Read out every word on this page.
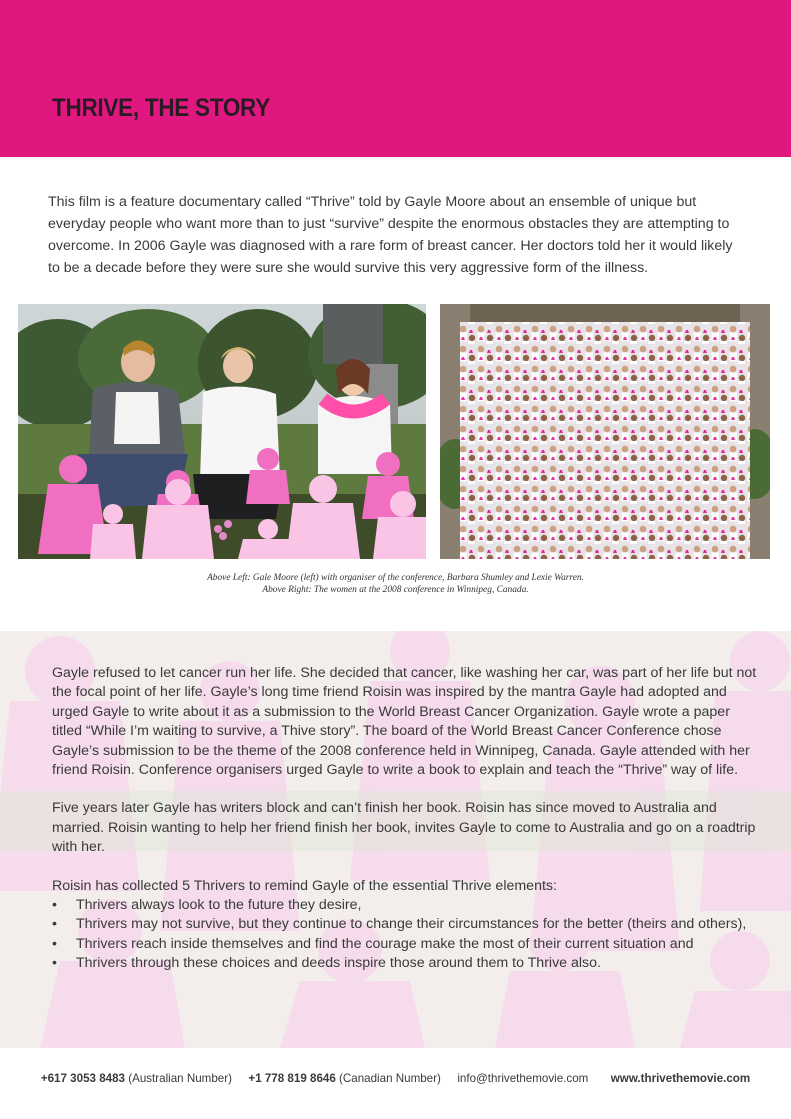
THRIVE, THE STORY

This film is a feature documentary called “Thrive” told by Gayle Moore about an ensemble of unique but everyday people who want more than to just “survive” despite the enormous obstacles they are attempting to overcome. In 2006 Gayle was diagnosed with a rare form of breast cancer. Her doctors told her it would likely to be a decade before they were sure she would survive this very aggressive form of the illness.

Above Left: Gale Moore (left) with organiser of the conference, Barbara Shumley and Lexie Warren.
Above Right: The women at the 2008 conference in Winnipeg, Canada.

Gayle refused to let cancer run her life. She decided that cancer, like washing her car, was part of her life but not the focal point of her life. Gayle’s long time friend Roisin was inspired by the mantra Gayle had adopted and urged Gayle to write about it as a submission to the World Breast Cancer Organization. Gayle wrote a paper titled “While I’m waiting to survive, a Thive story”. The board of the World Breast Cancer Conference chose Gayle’s submission to be the theme of the 2008 conference held in Winnipeg, Canada. Gayle attended with her friend Roisin. Conference organisers urged Gayle to write a book to explain and teach the “Thrive” way of life.

Five years later Gayle has writers block and can’t finish her book. Roisin has since moved to Australia and married. Roisin wanting to help her friend finish her book, invites Gayle to come to Australia and go on a roadtrip with her.

Roisin has collected 5 Thrivers to remind Gayle of the essential Thrive elements:
• Thrivers always look to the future they desire,
• Thrivers may not survive, but they continue to change their circumstances for the better (theirs and others),
• Thrivers reach inside themselves and find the courage make the most of their current situation and
• Thrivers through these choices and deeds inspire those around them to Thrive also.
+617 3053 8483 (Australian Number) +1 778 819 8646 (Canadian Number) info@thrivethemovie.com www.thrivethemovie.com
